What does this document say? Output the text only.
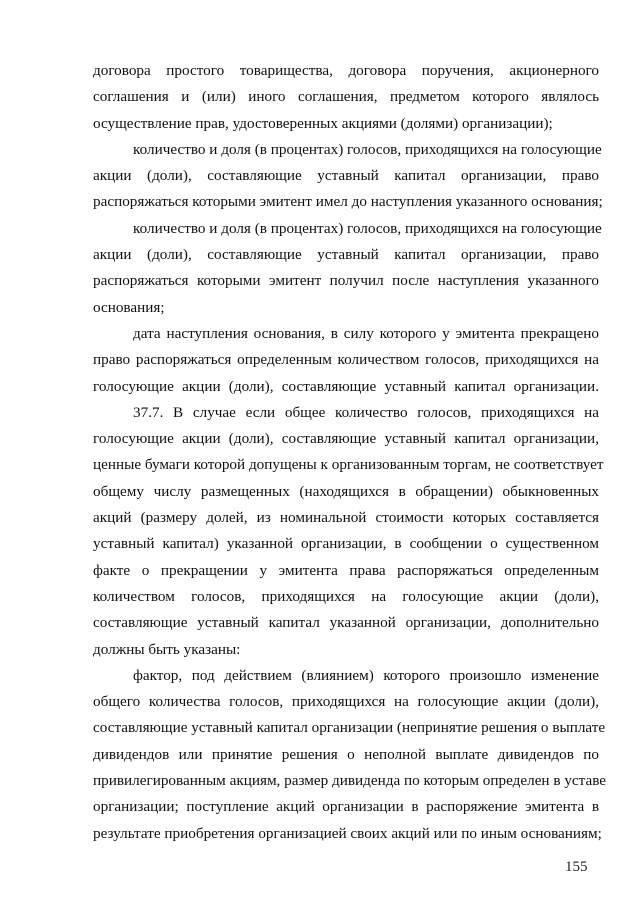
договора простого товарищества, договора поручения, акционерного
соглашения и (или) иного соглашения, предметом которого являлось
осуществление прав, удостоверенных акциями (долями) организации);
количество и доля (в процентах) голосов, приходящихся на голосующие
акции (доли), составляющие уставный капитал организации, право
распоряжаться которыми эмитент имел до наступления указанного основания;
количество и доля (в процентах) голосов, приходящихся на голосующие
акции (доли), составляющие уставный капитал организации, право
распоряжаться которыми эмитент получил после наступления указанного
основания;
дата наступления основания, в силу которого у эмитента прекращено
право распоряжаться определенным количеством голосов, приходящихся на
голосующие акции (доли), составляющие уставный капитал организации.
37.7. В случае если общее количество голосов, приходящихся на
голосующие акции (доли), составляющие уставный капитал организации,
ценные бумаги которой допущены к организованным торгам, не соответствует
общему числу размещенных (находящихся в обращении) обыкновенных
акций (размеру долей, из номинальной стоимости которых составляется
уставный капитал) указанной организации, в сообщении о существенном
факте о прекращении у эмитента права распоряжаться определенным
количеством голосов, приходящихся на голосующие акции (доли),
составляющие уставный капитал указанной организации, дополнительно
должны быть указаны:
фактор, под действием (влиянием) которого произошло изменение
общего количества голосов, приходящихся на голосующие акции (доли),
составляющие уставный капитал организации (непринятие решения о выплате
дивидендов или принятие решения о неполной выплате дивидендов по
привилегированным акциям, размер дивиденда по которым определен в уставе
организации; поступление акций организации в распоряжение эмитента в
результате приобретения организацией своих акций или по иным основаниям;
155
